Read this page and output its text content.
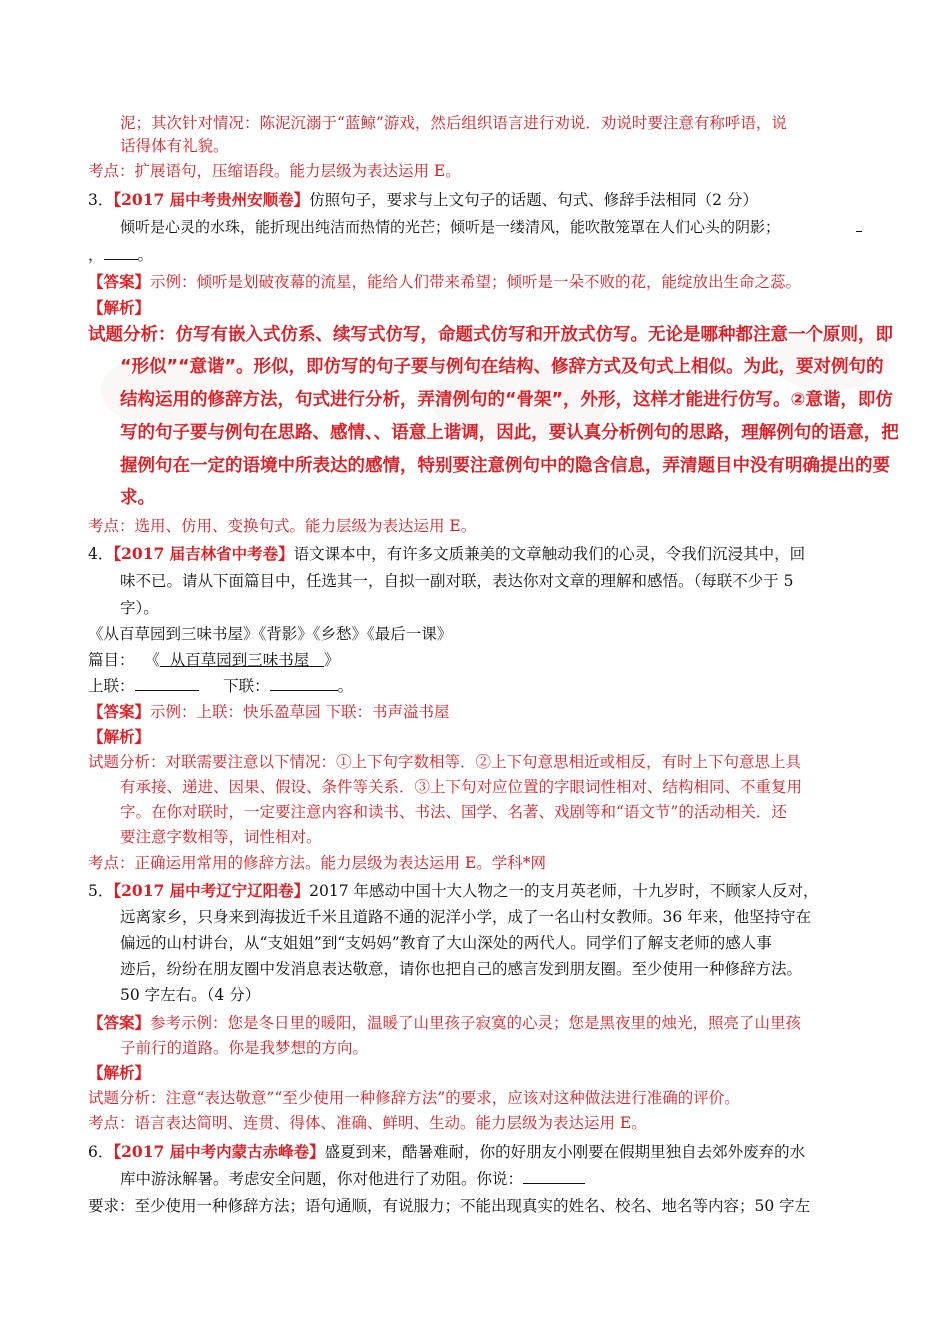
泥；其次针对情况：陈泥沉溺于“蓝鲸”游戏，然后组织语言进行劝说．劝说时要注意有称呼语，说
话得体有礼貌。
考点：扩展语句，压缩语段。能力层级为表达运用 E。
3．【2017 届中考贵州安顺卷】仿照句子，要求与上文句子的话题、句式、修辞手法相同（2 分）
倾听是心灵的水珠，能折现出纯洁而热情的光芒；倾听是一缕清风，能吹散笼罩在人们心头的阴影；
， 。
【答案】示例：倾听是划破夜幕的流星，能给人们带来希望；倾听是一朵不败的花，能绽放出生命之蕊。
【解析】
试题分析：仿写有嵌入式仿系、续写式仿写，命题式仿写和开放式仿写。无论是哪种都注意一个原则，即
“形似”“意谐”。形似，即仿写的句子要与例句在结构、修辞方式及句式上相似。为此，要对例句的
结构运用的修辞方法，句式进行分析，弄清例句的“骨架”，外形，这样才能进行仿写。②意谐，即仿
写的句子要与例句在思路、感情、、语意上谐调，因此，要认真分析例句的思路，理解例句的语意，把
握例句在一定的语境中所表达的感情，特别要注意例句中的隐含信息，弄清题目中没有明确提出的要
求。
考点：选用、仿用、变换句式。能力层级为表达运用 E。
4．【2017 届吉林省中考卷】语文课本中，有许多文质兼美的文章触动我们的心灵，令我们沉浸其中，回
味不已。请从下面篇目中，任选其一，自拟一副对联，表达你对文章的理解和感悟。（每联不少于 5
字）。
《从百草园到三味书屋》《背影》《乡愁》《最后一课》
篇目： 《 从百草园到三味书屋 》
上联：	下联：	。
【答案】示例：上联：快乐盈草园 下联：书声溢书屋
【解析】
试题分析：对联需要注意以下情况：①上下句字数相等．②上下句意思相近或相反，有时上下句意思上具
有承接、递进、因果、假设、条件等关系．③上下句对应位置的字眼词性相对、结构相同、不重复用
字。在你对联时，一定要注意内容和读书、书法、国学、名著、戏剧等和“语文节”的活动相关．还
要注意字数相等，词性相对。
考点：正确运用常用的修辞方法。能力层级为表达运用 E。学科*网
5．【2017 届中考辽宁辽阳卷】2017 年感动中国十大人物之一的支月英老师，十九岁时，不顾家人反对，
远离家乡，只身来到海拔近千米且道路不通的泥洋小学，成了一名山村女教师。36 年来，他坚持守在
偏远的山村讲台，从“支姐姐”到“支妈妈”教育了大山深处的两代人。同学们了解支老师的感人事
迹后，纷纷在朋友圈中发消息表达敬意，请你也把自己的感言发到朋友圈。至少使用一种修辞方法。
50 字左右。（4 分）
【答案】参考示例：您是冬日里的暖阳，温暖了山里孩子寂寞的心灵；您是黑夜里的烛光，照亮了山里孩
子前行的道路。你是我梦想的方向。
【解析】
试题分析：注意“表达敬意”“至少使用一种修辞方法”的要求，应该对这种做法进行准确的评价。
考点：语言表达简明、连贯、得体、准确、鲜明、生动。能力层级为表达运用 E。
6．【2017 届中考内蒙古赤峰卷】盛夏到来，酷暑难耐，你的好朋友小刚要在假期里独自去郊外废弃的水
库中游泳解暑。考虑安全问题，你对他进行了劝阻。你说：
要求：至少使用一种修辞方法；语句通顺，有说服力；不能出现真实的姓名、校名、地名等内容；50 字左
